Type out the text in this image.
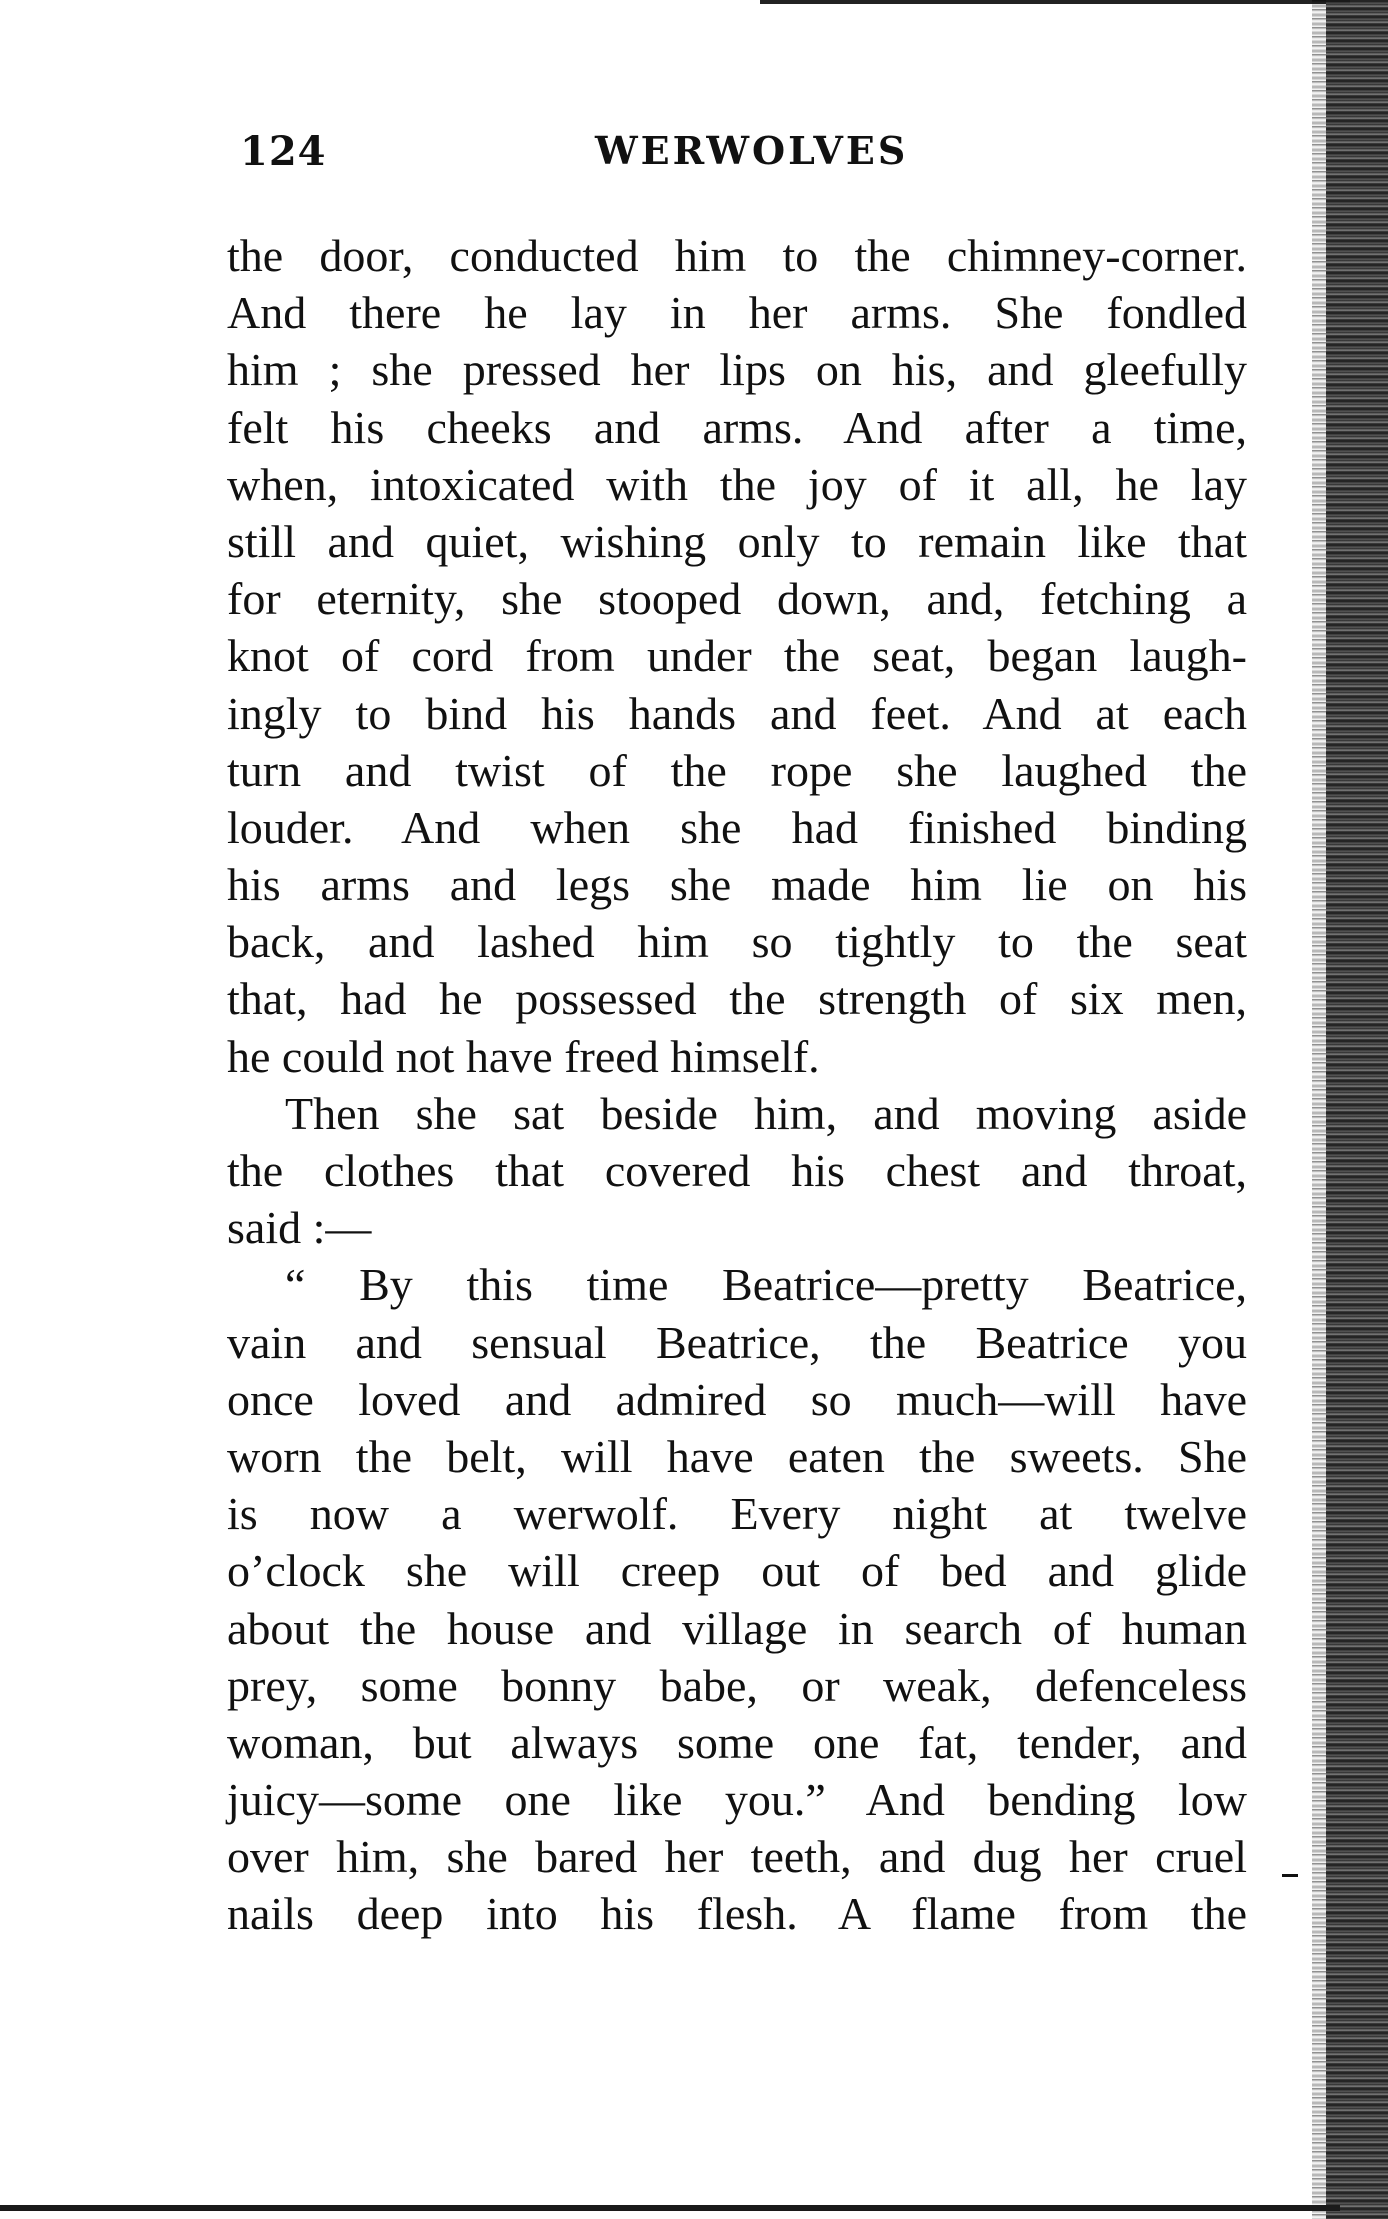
124	WERWOLVES
the door, conducted him to the chimney-corner.
And there he lay in her arms. She fondled
him ; she pressed her lips on his, and gleefully
felt his cheeks and arms. And after a time,
when, intoxicated with the joy of it all, he lay
still and quiet, wishing only to remain like that
for eternity, she stooped down, and, fetching a
knot of cord from under the seat, began laugh-
ingly to bind his hands and feet. And at each
turn and twist of the rope she laughed the
louder. And when she had finished binding
his arms and legs she made him lie on his
back, and lashed him so tightly to the seat
that, had he possessed the strength of six men,
he could not have freed himself.
Then she sat beside him, and moving aside
the clothes that covered his chest and throat,
said :—
“ By this time Beatrice—pretty Beatrice,
vain and sensual Beatrice, the Beatrice you
once loved and admired so much—will have
worn the belt, will have eaten the sweets. She
is now a werwolf. Every night at twelve
o’clock she will creep out of bed and glide
about the house and village in search of human
prey, some bonny babe, or weak, defenceless
woman, but always some one fat, tender, and
juicy—some one like you.” And bending low
over him, she bared her teeth, and dug her cruel
nails deep into his flesh. A flame from the
